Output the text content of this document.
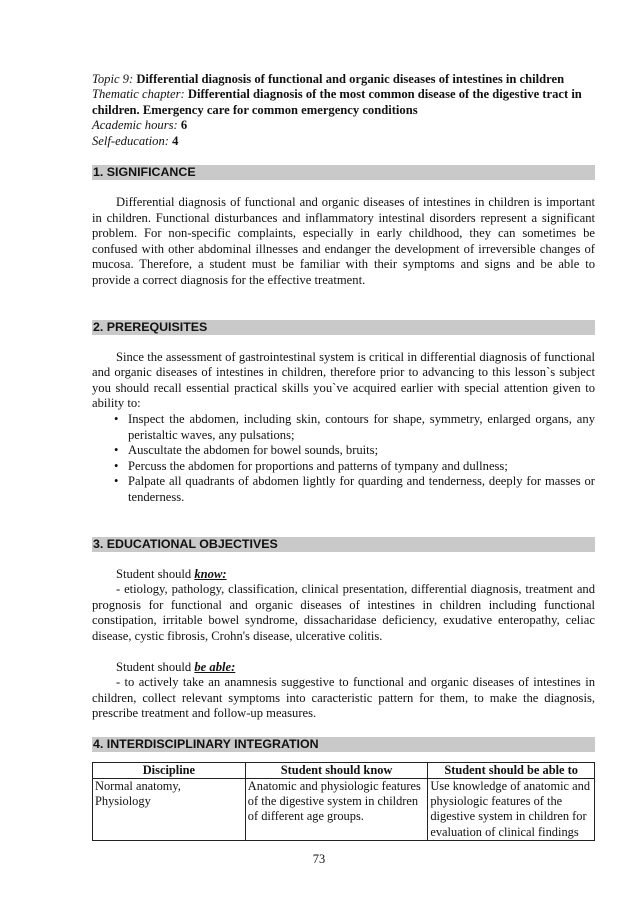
Topic 9: Differential diagnosis of functional and organic diseases of intestines in children
Thematic chapter: Differential diagnosis of the most common disease of the digestive tract in children. Emergency care for common emergency conditions
Academic hours: 6
Self-education: 4
1. SIGNIFICANCE

Differential diagnosis of functional and organic diseases of intestines in children is important in children. Functional disturbances and inflammatory intestinal disorders represent a significant problem. For non-specific complaints, especially in early childhood, they can sometimes be confused with other abdominal illnesses and endanger the development of irreversible changes of mucosa. Therefore, a student must be familiar with their symptoms and signs and be able to provide a correct diagnosis for the effective treatment.

2. PREREQUISITES

Since the assessment of gastrointestinal system is critical in differential diagnosis of functional and organic diseases of intestines in children, therefore prior to advancing to this lesson`s subject you should recall essential practical skills you`ve acquired earlier with special attention given to ability to:

• Inspect the abdomen, including skin, contours for shape, symmetry, enlarged organs, any peristaltic waves, any pulsations;
• Auscultate the abdomen for bowel sounds, bruits;
• Percuss the abdomen for proportions and patterns of tympany and dullness;
• Palpate all quadrants of abdomen lightly for quarding and tenderness, deeply for masses or tenderness.
3. EDUCATIONAL OBJECTIVES

Student should know:

- etiology, pathology, classification, clinical presentation, differential diagnosis, treatment and prognosis for functional and organic diseases of intestines in children including functional constipation, irritable bowel syndrome, dissacharidase deficiency, exudative enteropathy, celiac disease, cystic fibrosis, Crohn's disease, ulcerative colitis.

Student should be able:

- to actively take an anamnesis suggestive to functional and organic diseases of intestines in children, collect relevant symptoms into caracteristic pattern for them, to make the diagnosis, prescribe treatment and follow-up measures.

4. INTERDISCIPLINARY INTEGRATION
Discipline	Student should know	Student should be able to
Normal anatomy, Physiology	Anatomic and physiologic features of the digestive system in children of different age groups.	Use knowledge of anatomic and physiologic features of the digestive system in children for evaluation of clinical findings
73
